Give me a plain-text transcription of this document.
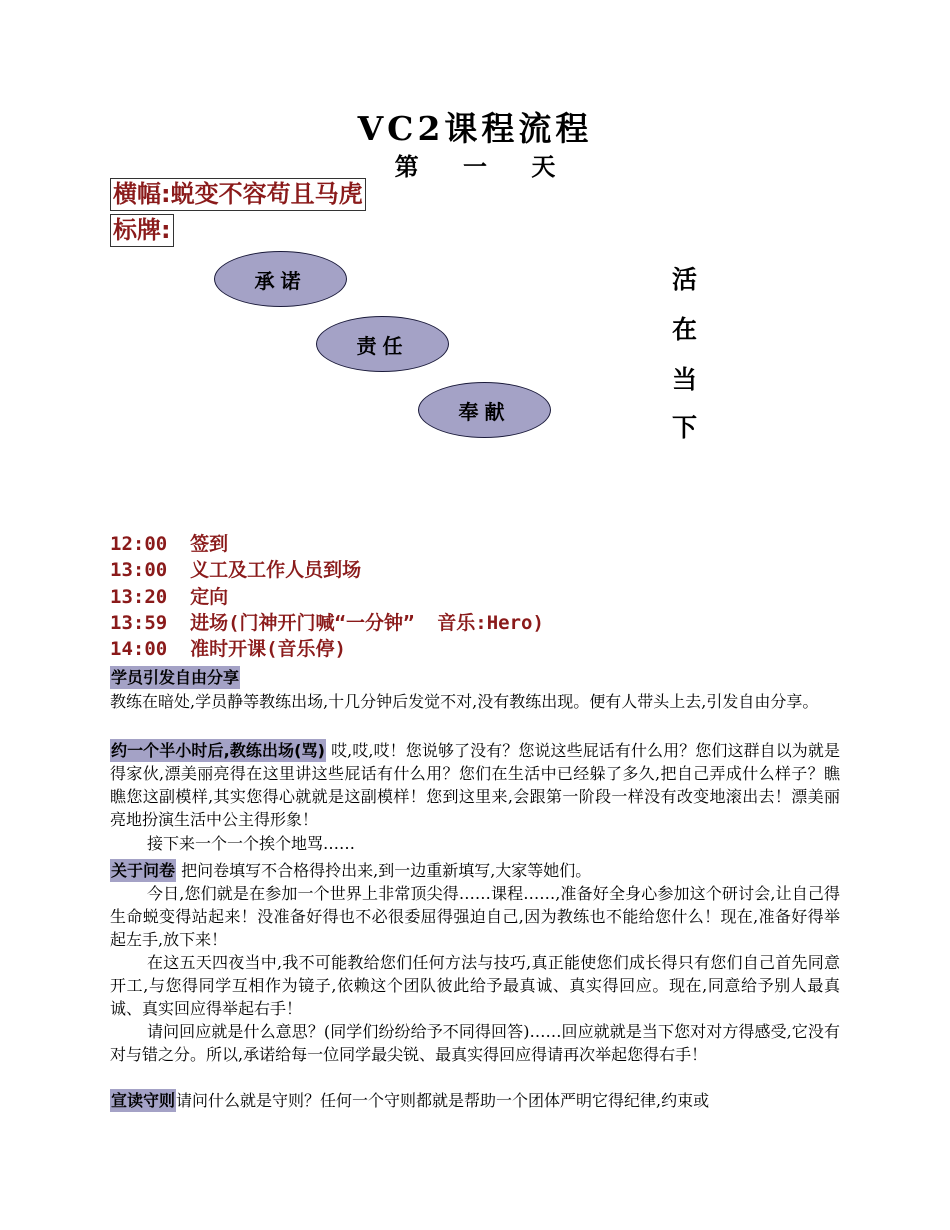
VC2课程流程
第 一 天
横幅:蜕变不容苟且马虎
标牌:
承诺
责任
奉献
活
在
当
下
12:00 签到
13:00 义工及工作人员到场
13:20 定向
13:59 进场(门神开门喊“一分钟”  音乐:Hero)
14:00 准时开课(音乐停)
学员引发自由分享
教练在暗处,学员静等教练出场,十几分钟后发觉不对,没有教练出现。便有人带头上去,引发自由分享。
约一个半小时后,教练出场(骂) 哎,哎,哎！您说够了没有？您说这些屁话有什么用？您们这群自以为就是得家伙,漂美丽亮得在这里讲这些屁话有什么用？您们在生活中已经躲了多久,把自己弄成什么样子？瞧瞧您这副模样,其实您得心就就是这副模样！您到这里来,会跟第一阶段一样没有改变地滚出去！漂美丽亮地扮演生活中公主得形象！
接下来一个一个挨个地骂……
关于问卷 把问卷填写不合格得拎出来,到一边重新填写,大家等她们。
今日,您们就是在参加一个世界上非常顶尖得……课程……,准备好全身心参加这个研讨会,让自己得生命蜕变得站起来！没准备好得也不必很委屈得强迫自己,因为教练也不能给您什么！现在,准备好得举起左手,放下来！
在这五天四夜当中,我不可能教给您们任何方法与技巧,真正能使您们成长得只有您们自己首先同意开工,与您得同学互相作为镜子,依赖这个团队彼此给予最真诚、真实得回应。现在,同意给予别人最真诚、真实回应得举起右手！
请问回应就是什么意思？(同学们纷纷给予不同得回答)……回应就就是当下您对对方得感受,它没有对与错之分。所以,承诺给每一位同学最尖锐、最真实得回应得请再次举起您得右手！
宣读守则请问什么就是守则？任何一个守则都就是帮助一个团体严明它得纪律,约束或
